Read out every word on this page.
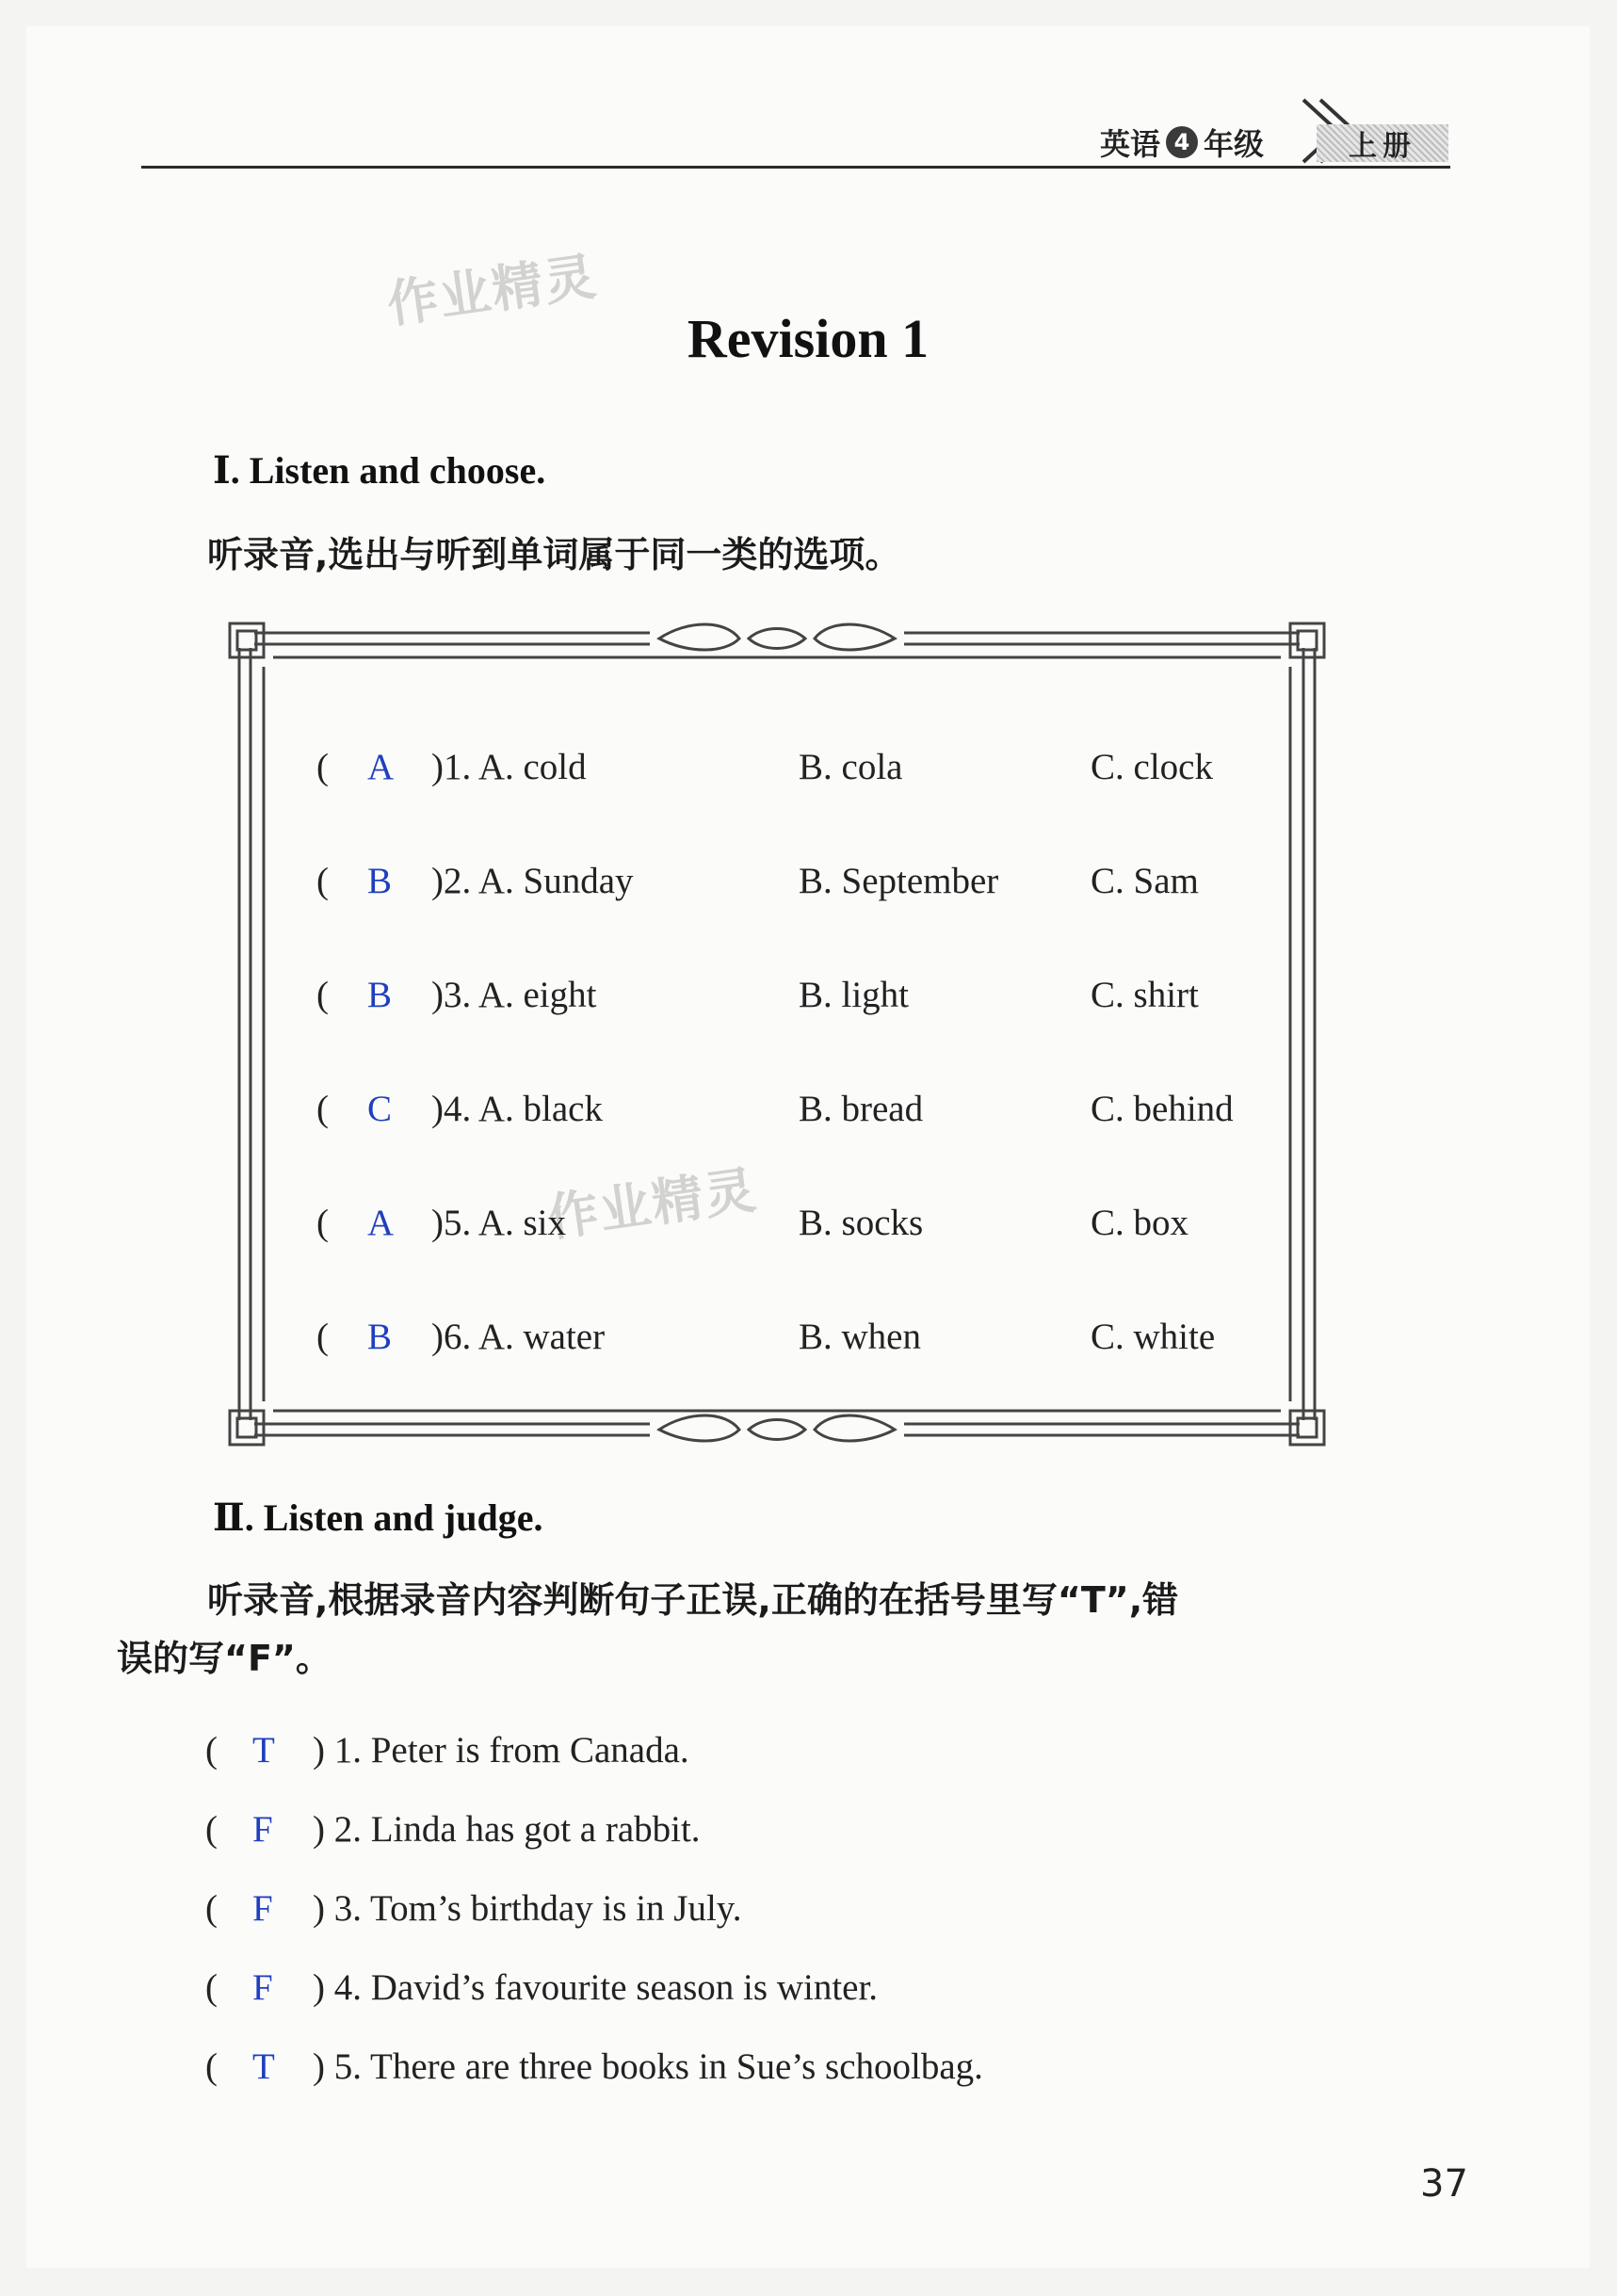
英语 4 年级	上册
作业精灵
作业精灵
Revision 1
Ⅰ. Listen and choose.
听录音,选出与听到单词属于同一类的选项。
( A )1. A. cold	B. cola	C. clock
( B )2. A. Sunday	B. September	C. Sam
( B )3. A. eight	B. light	C. shirt
( C )4. A. black	B. bread	C. behind
( A )5. A. six	B. socks	C. box
( B )6. A. water	B. when	C. white
Ⅱ. Listen and judge.
听录音,根据录音内容判断句子正误,正确的在括号里写“T”,错
误的写“F”。
( T ) 1. Peter is from Canada.
( F ) 2. Linda has got a rabbit.
( F ) 3. Tom’s birthday is in July.
( F ) 4. David’s favourite season is winter.
( T ) 5. There are three books in Sue’s schoolbag.
37
